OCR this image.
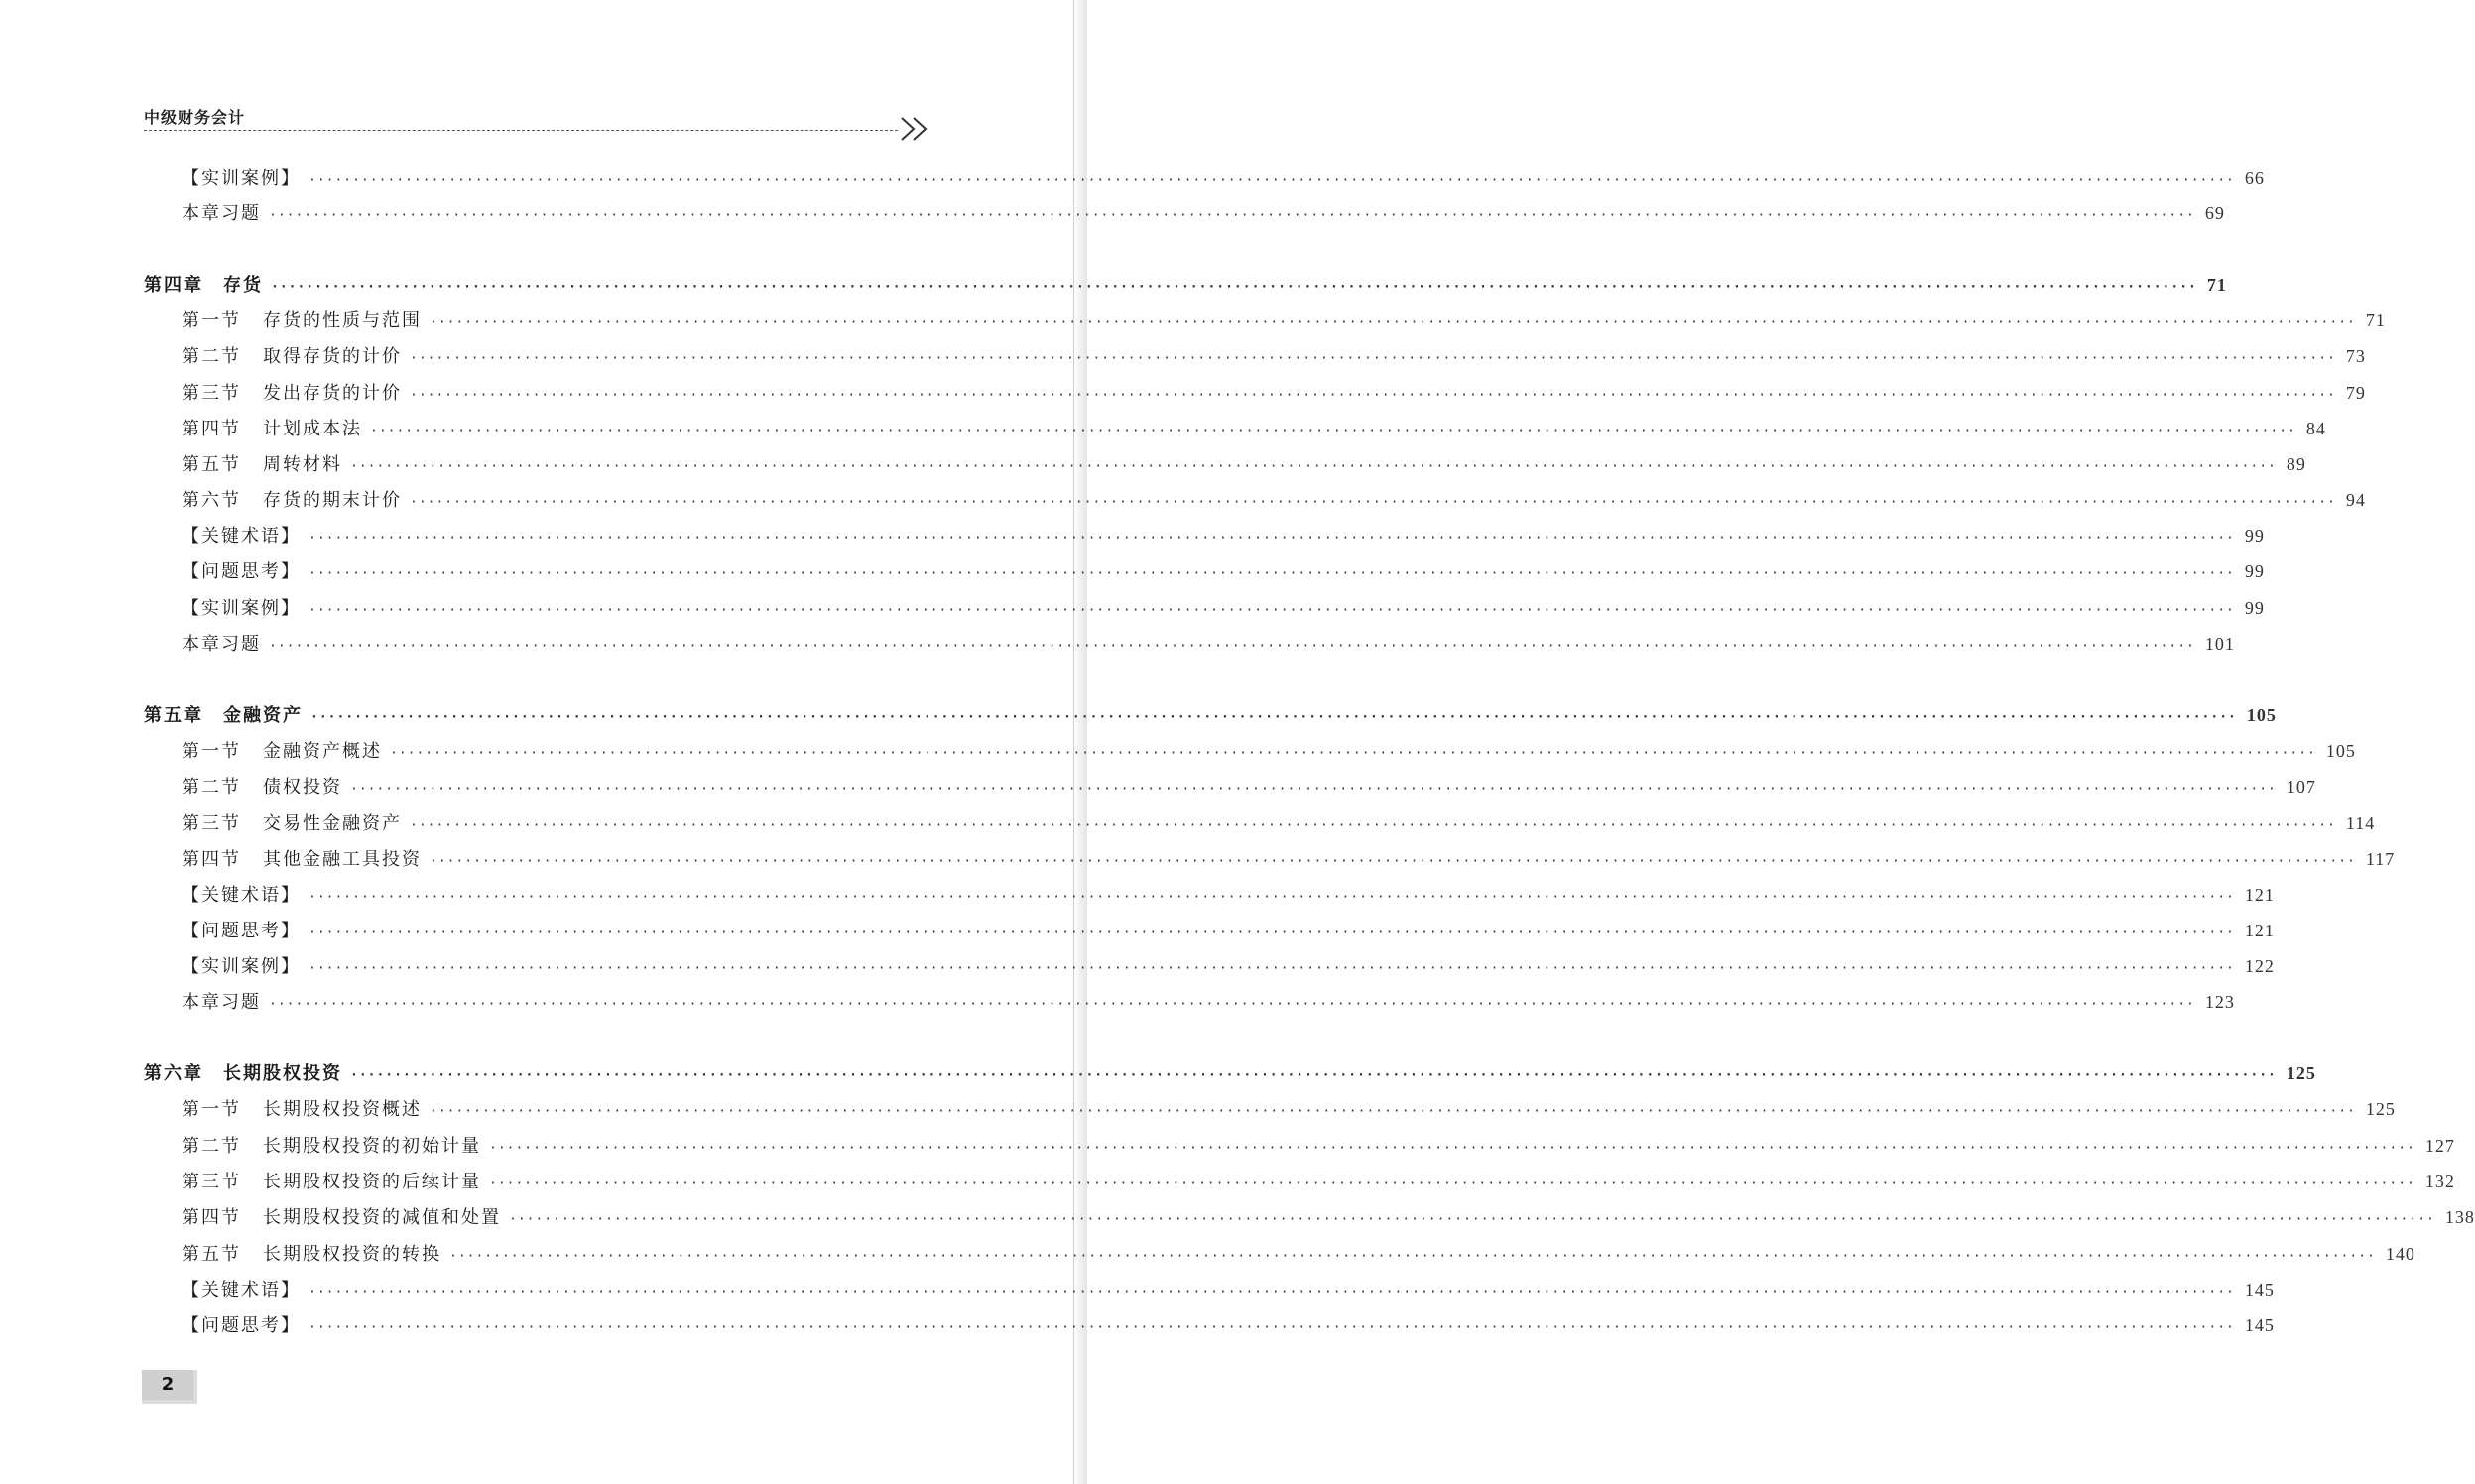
中级财务会计
【实训案例】 ···························································································································································································································· 66
本章习题 ···························································································································································································································· 69
第四章 存货 ···························································································································································································································· 71
第一节 存货的性质与范围 ···························································································································································································································· 71
第二节 取得存货的计价 ···························································································································································································································· 73
第三节 发出存货的计价 ···························································································································································································································· 79
第四节 计划成本法 ···························································································································································································································· 84
第五节 周转材料 ···························································································································································································································· 89
第六节 存货的期末计价 ···························································································································································································································· 94
【关键术语】 ···························································································································································································································· 99
【问题思考】 ···························································································································································································································· 99
【实训案例】 ···························································································································································································································· 99
本章习题 ···························································································································································································································· 101
第五章 金融资产 ···························································································································································································································· 105
第一节 金融资产概述 ···························································································································································································································· 105
第二节 债权投资 ···························································································································································································································· 107
第三节 交易性金融资产 ···························································································································································································································· 114
第四节 其他金融工具投资 ···························································································································································································································· 117
【关键术语】 ···························································································································································································································· 121
【问题思考】 ···························································································································································································································· 121
【实训案例】 ···························································································································································································································· 122
本章习题 ···························································································································································································································· 123
第六章 长期股权投资 ···························································································································································································································· 125
第一节 长期股权投资概述 ···························································································································································································································· 125
第二节 长期股权投资的初始计量 ···························································································································································································································· 127
第三节 长期股权投资的后续计量 ···························································································································································································································· 132
第四节 长期股权投资的减值和处置 ···························································································································································································································· 138
第五节 长期股权投资的转换 ···························································································································································································································· 140
【关键术语】 ···························································································································································································································· 145
【问题思考】 ···························································································································································································································· 145
2
